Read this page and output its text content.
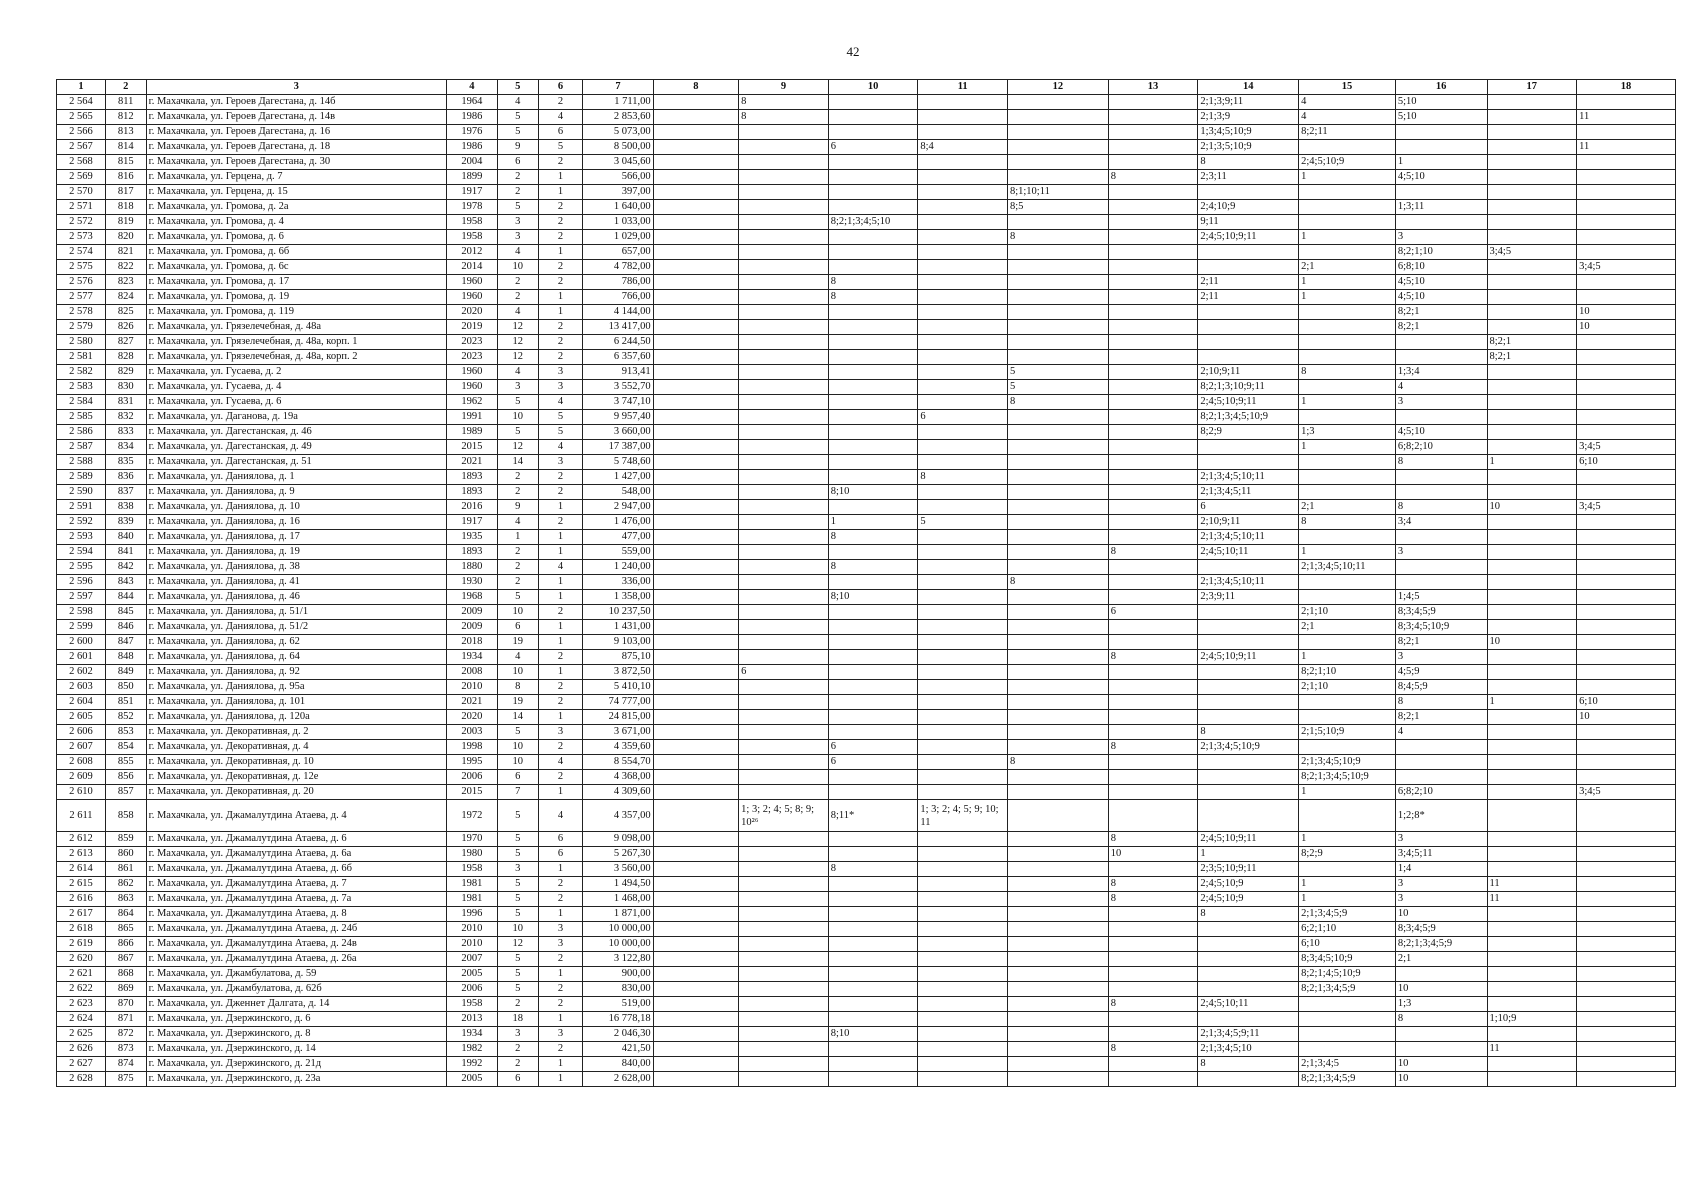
42
1	2	3	4	5	6	7	8	9	10	11	12	13	14	15	16	17	18
2 564	811	г. Махачкала, ул. Героев Дагестана, д. 14б	1964	4	2	1 711,00		8					2;1;3;9;11	4	5;10		
2 565	812	г. Махачкала, ул. Героев Дагестана, д. 14в	1986	5	4	2 853,60		8					2;1;3;9	4	5;10		11
2 566	813	г. Махачкала, ул. Героев Дагестана, д. 16	1976	5	6	5 073,00							1;3;4;5;10;9	8;2;11			
2 567	814	г. Махачкала, ул. Героев Дагестана, д. 18	1986	9	5	8 500,00			6	8;4			2;1;3;5;10;9				11
2 568	815	г. Махачкала, ул. Героев Дагестана, д. 30	2004	6	2	3 045,60							8	2;4;5;10;9	1		
2 569	816	г. Махачкала, ул. Герцена, д. 7	1899	2	1	566,00						8	2;3;11	1	4;5;10		
2 570	817	г. Махачкала, ул. Герцена, д. 15	1917	2	1	397,00					8;1;10;11						
2 571	818	г. Махачкала, ул. Громова, д. 2а	1978	5	2	1 640,00					8;5		2;4;10;9		1;3;11		
2 572	819	г. Махачкала, ул. Громова, д. 4	1958	3	2	1 033,00			8;2;1;3;4;5;10				9;11				
2 573	820	г. Махачкала, ул. Громова, д. 6	1958	3	2	1 029,00					8		2;4;5;10;9;11	1	3		
2 574	821	г. Махачкала, ул. Громова, д. 6б	2012	4	1	657,00									8;2;1;10	3;4;5	
2 575	822	г. Махачкала, ул. Громова, д. 6с	2014	10	2	4 782,00								2;1	6;8;10		3;4;5
2 576	823	г. Махачкала, ул. Громова, д. 17	1960	2	2	786,00			8				2;11	1	4;5;10		
2 577	824	г. Махачкала, ул. Громова, д. 19	1960	2	1	766,00			8				2;11	1	4;5;10		
2 578	825	г. Махачкала, ул. Громова, д. 119	2020	4	1	4 144,00									8;2;1		10
2 579	826	г. Махачкала, ул. Грязелечебная, д. 48а	2019	12	2	13 417,00									8;2;1		10
2 580	827	г. Махачкала, ул. Грязелечебная, д. 48а, корп. 1	2023	12	2	6 244,50										8;2;1	
2 581	828	г. Махачкала, ул. Грязелечебная, д. 48а, корп. 2	2023	12	2	6 357,60										8;2;1	
2 582	829	г. Махачкала, ул. Гусаева, д. 2	1960	4	3	913,41					5		2;10;9;11	8	1;3;4		
2 583	830	г. Махачкала, ул. Гусаева, д. 4	1960	3	3	3 552,70					5		8;2;1;3;10;9;11		4		
2 584	831	г. Махачкала, ул. Гусаева, д. 6	1962	5	4	3 747,10					8		2;4;5;10;9;11	1	3		
2 585	832	г. Махачкала, ул. Даганова, д. 19а	1991	10	5	9 957,40				6			8;2;1;3;4;5;10;9				
2 586	833	г. Махачкала, ул. Дагестанская, д. 46	1989	5	5	3 660,00							8;2;9	1;3	4;5;10		
2 587	834	г. Махачкала, ул. Дагестанская, д. 49	2015	12	4	17 387,00								1	6;8;2;10		3;4;5
2 588	835	г. Махачкала, ул. Дагестанская, д. 51	2021	14	3	5 748,60									8	1	6;10
2 589	836	г. Махачкала, ул. Даниялова, д. 1	1893	2	2	1 427,00				8			2;1;3;4;5;10;11				
2 590	837	г. Махачкала, ул. Даниялова, д. 9	1893	2	2	548,00			8;10				2;1;3;4;5;11				
2 591	838	г. Махачкала, ул. Даниялова, д. 10	2016	9	1	2 947,00							6	2;1	8	10	3;4;5
2 592	839	г. Махачкала, ул. Даниялова, д. 16	1917	4	2	1 476,00			1	5			2;10;9;11	8	3;4		
2 593	840	г. Махачкала, ул. Даниялова, д. 17	1935	1	1	477,00			8				2;1;3;4;5;10;11				
2 594	841	г. Махачкала, ул. Даниялова, д. 19	1893	2	1	559,00						8	2;4;5;10;11	1	3		
2 595	842	г. Махачкала, ул. Даниялова, д. 38	1880	2	4	1 240,00			8					2;1;3;4;5;10;11			
2 596	843	г. Махачкала, ул. Даниялова, д. 41	1930	2	1	336,00					8		2;1;3;4;5;10;11				
2 597	844	г. Махачкала, ул. Даниялова, д. 46	1968	5	1	1 358,00			8;10				2;3;9;11		1;4;5		
2 598	845	г. Махачкала, ул. Даниялова, д. 51/1	2009	10	2	10 237,50						6		2;1;10	8;3;4;5;9		
2 599	846	г. Махачкала, ул. Даниялова, д. 51/2	2009	6	1	1 431,00								2;1	8;3;4;5;10;9		
2 600	847	г. Махачкала, ул. Даниялова, д. 62	2018	19	1	9 103,00									8;2;1	10	
2 601	848	г. Махачкала, ул. Даниялова, д. 64	1934	4	2	875,10						8	2;4;5;10;9;11	1	3		
2 602	849	г. Махачкала, ул. Даниялова, д. 92	2008	10	1	3 872,50		6						8;2;1;10	4;5;9		
2 603	850	г. Махачкала, ул. Даниялова, д. 95а	2010	8	2	5 410,10								2;1;10	8;4;5;9		
2 604	851	г. Махачкала, ул. Даниялова, д. 101	2021	19	2	74 777,00									8	1	6;10
2 605	852	г. Махачкала, ул. Даниялова, д. 120а	2020	14	1	24 815,00									8;2;1		10
2 606	853	г. Махачкала, ул. Декоративная, д. 2	2003	5	3	3 671,00							8	2;1;5;10;9	4		
2 607	854	г. Махачкала, ул. Декоративная, д. 4	1998	10	2	4 359,60			6			8	2;1;3;4;5;10;9				
2 608	855	г. Махачкала, ул. Декоративная, д. 10	1995	10	4	8 554,70			6		8			2;1;3;4;5;10;9			
2 609	856	г. Махачкала, ул. Декоративная, д. 12е	2006	6	2	4 368,00								8;2;1;3;4;5;10;9			
2 610	857	г. Махачкала, ул. Декоративная, д. 20	2015	7	1	4 309,60								1	6;8;2;10		3;4;5
2 611	858	г. Махачкала, ул. Джамалутдина Атаева, д. 4	1972	5	4	4 357,00		1; 3; 2; 4; 5; 8; 9; 10²⁶	8;11*	1; 3; 2; 4; 5; 9; 10; 11					1;2;8*		
2 612	859	г. Махачкала, ул. Джамалутдина Атаева, д. 6	1970	5	6	9 098,00						8	2;4;5;10;9;11	1	3		
2 613	860	г. Махачкала, ул. Джамалутдина Атаева, д. 6а	1980	5	6	5 267,30						10	1	8;2;9	3;4;5;11		
2 614	861	г. Махачкала, ул. Джамалутдина Атаева, д. 6б	1958	3	1	3 560,00			8				2;3;5;10;9;11		1;4		
2 615	862	г. Махачкала, ул. Джамалутдина Атаева, д. 7	1981	5	2	1 494,50						8	2;4;5;10;9	1	3	11	
2 616	863	г. Махачкала, ул. Джамалутдина Атаева, д. 7а	1981	5	2	1 468,00						8	2;4;5;10;9	1	3	11	
2 617	864	г. Махачкала, ул. Джамалутдина Атаева, д. 8	1996	5	1	1 871,00							8	2;1;3;4;5;9	10		
2 618	865	г. Махачкала, ул. Джамалутдина Атаева, д. 24б	2010	10	3	10 000,00								6;2;1;10	8;3;4;5;9		
2 619	866	г. Махачкала, ул. Джамалутдина Атаева, д. 24в	2010	12	3	10 000,00								6;10	8;2;1;3;4;5;9		
2 620	867	г. Махачкала, ул. Джамалутдина Атаева, д. 26а	2007	5	2	3 122,80								8;3;4;5;10;9	2;1		
2 621	868	г. Махачкала, ул. Джамбулатова, д. 59	2005	5	1	900,00								8;2;1;4;5;10;9			
2 622	869	г. Махачкала, ул. Джамбулатова, д. 62б	2006	5	2	830,00								8;2;1;3;4;5;9	10		
2 623	870	г. Махачкала, ул. Дженнет Далгата, д. 14	1958	2	2	519,00						8	2;4;5;10;11		1;3		
2 624	871	г. Махачкала, ул. Дзержинского, д. 6	2013	18	1	16 778,18									8	1;10;9	
2 625	872	г. Махачкала, ул. Дзержинского, д. 8	1934	3	3	2 046,30			8;10				2;1;3;4;5;9;11				
2 626	873	г. Махачкала, ул. Дзержинского, д. 14	1982	2	2	421,50						8	2;1;3;4;5;10			11	
2 627	874	г. Махачкала, ул. Дзержинского, д. 21д	1992	2	1	840,00							8	2;1;3;4;5	10		
2 628	875	г. Махачкала, ул. Дзержинского, д. 23а	2005	6	1	2 628,00								8;2;1;3;4;5;9	10		
